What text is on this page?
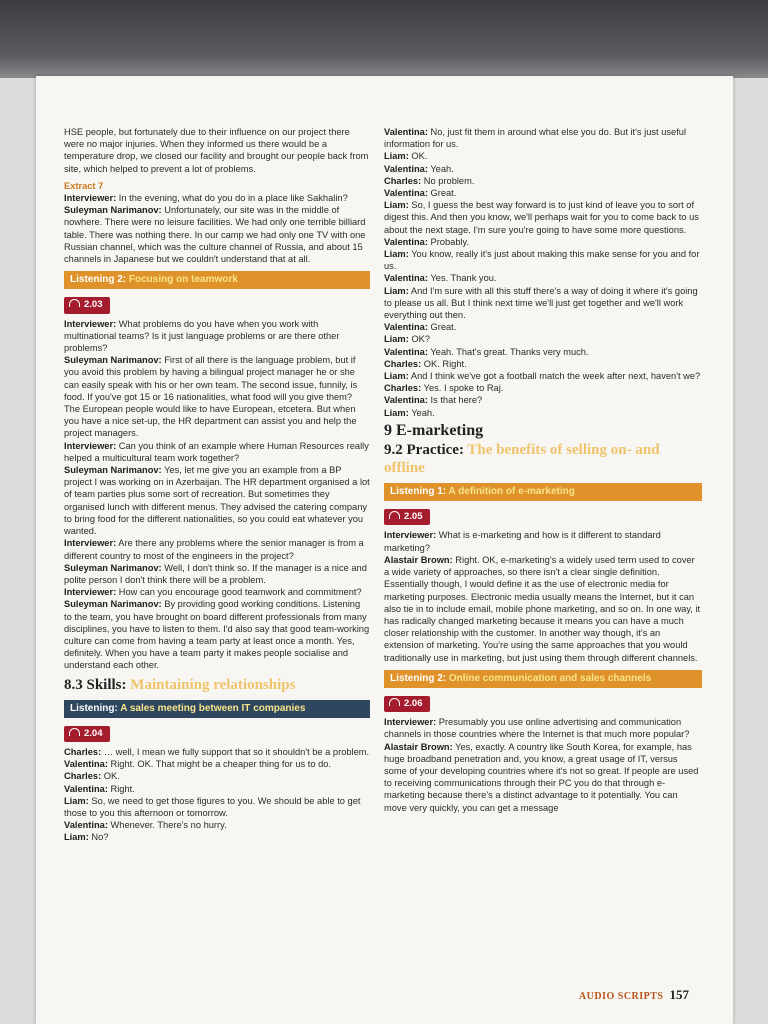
HSE people, but fortunately due to their influence on our project there were no major injuries. When they informed us there would be a temperature drop, we closed our facility and brought our people back from site, which helped to prevent a lot of problems.

Extract 7

Interviewer: In the evening, what do you do in a place like Sakhalin?

Suleyman Narimanov: Unfortunately, our site was in the middle of nowhere. There were no leisure facilities. We had only one terrible billiard table. There was nothing there. In our camp we had only one TV with one Russian channel, which was the culture channel of Russia, and about 15 channels in Japanese but we couldn't understand that at all.

Listening 2: Focusing on teamwork
2.03

Interviewer: What problems do you have when you work with multinational teams? Is it just language problems or are there other problems?

Suleyman Narimanov: First of all there is the language problem, but if you avoid this problem by having a bilingual project manager he or she can easily speak with his or her own team. The second issue, funnily, is food. If you've got 15 or 16 nationalities, what food will you give them? The European people would like to have European, etcetera. But when you have a nice set-up, the HR department can assist you and help the project managers.

Interviewer: Can you think of an example where Human Resources really helped a multicultural team work together?

Suleyman Narimanov: Yes, let me give you an example from a BP project I was working on in Azerbaijan. The HR department organised a lot of team parties plus some sort of recreation. But sometimes they organised lunch with different menus. They advised the catering company to bring food for the different nationalities, so you could eat whatever you wanted.

Interviewer: Are there any problems where the senior manager is from a different country to most of the engineers in the project?

Suleyman Narimanov: Well, I don't think so. If the manager is a nice and polite person I don't think there will be a problem.

Interviewer: How can you encourage good teamwork and commitment?

Suleyman Narimanov: By providing good working conditions. Listening to the team, you have brought on board different professionals from many disciplines, you have to listen to them. I'd also say that good team-working culture can come from having a team party at least once a month. Yes, definitely. When you have a team party it makes people socialise and understand each other.

8.3 Skills: Maintaining relationships

Listening: A sales meeting between IT companies
2.04

Charles: … well, I mean we fully support that so it shouldn't be a problem.

Valentina: Right. OK. That might be a cheaper thing for us to do.

Charles: OK.

Valentina: Right.

Liam: So, we need to get those figures to you. We should be able to get those to you this afternoon or tomorrow.

Valentina: Whenever. There's no hurry.

Liam: No?

Valentina: No, just fit them in around what else you do. But it's just useful information for us.

Liam: OK.

Valentina: Yeah.

Charles: No problem.

Valentina: Great.

Liam: So, I guess the best way forward is to just kind of leave you to sort of digest this. And then you know, we'll perhaps wait for you to come back to us about the next stage. I'm sure you're going to have some more questions.

Valentina: Probably.

Liam: You know, really it's just about making this make sense for you and for us.

Valentina: Yes. Thank you.

Liam: And I'm sure with all this stuff there's a way of doing it where it's going to please us all. But I think next time we'll just get together and we'll work everything out then.

Valentina: Great.

Liam: OK?

Valentina: Yeah. That's great. Thanks very much.

Charles: OK. Right.

Liam: And I think we've got a football match the week after next, haven't we?

Charles: Yes. I spoke to Raj.

Valentina: Is that here?

Liam: Yeah.

9 E-marketing

9.2 Practice: The benefits of selling on- and offline

Listening 1: A definition of e-marketing
2.05

Interviewer: What is e-marketing and how is it different to standard marketing?

Alastair Brown: Right. OK, e-marketing's a widely used term used to cover a wide variety of approaches, so there isn't a clear single definition. Essentially though, I would define it as the use of electronic media for marketing purposes. Electronic media usually means the Internet, but it can also tie in to include email, mobile phone marketing, and so on. In one way, it has radically changed marketing because it means you can have a much closer relationship with the customer. In another way though, it's an extension of marketing. You're using the same approaches that you would traditionally use in marketing, but just using them through different channels.

Listening 2: Online communication and sales channels
2.06

Interviewer: Presumably you use online advertising and communication channels in those countries where the Internet is that much more popular?

Alastair Brown: Yes, exactly. A country like South Korea, for example, has huge broadband penetration and, you know, a great usage of IT, versus some of your developing countries where it's not so great. If people are used to receiving communications through their PC you do that through e-marketing because there's a distinct advantage to it potentially. You can move very quickly, you can get a message

AUDIO SCRIPTS 157
